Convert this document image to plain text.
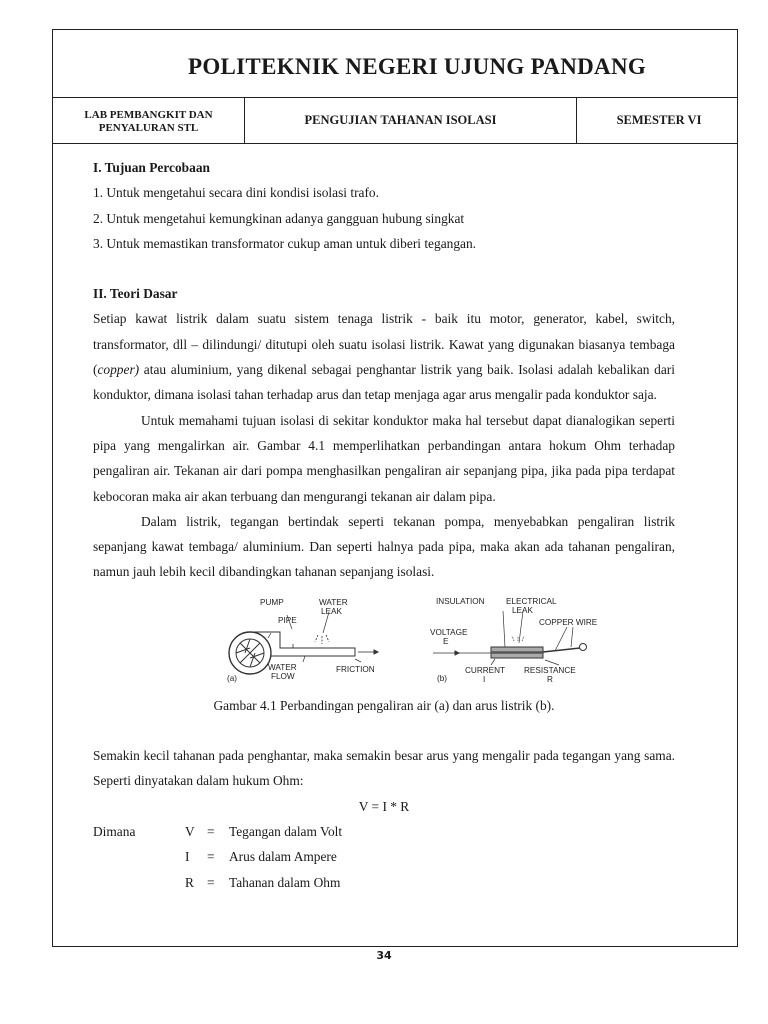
POLITEKNIK NEGERI UJUNG PANDANG
LAB PEMBANGKIT DAN
PENYALURAN STL
PENGUJIAN TAHANAN ISOLASI	SEMESTER VI

I. Tujuan Percobaan

1. Untuk mengetahui secara dini kondisi isolasi trafo.

2. Untuk mengetahui kemungkinan adanya gangguan hubung singkat

3. Untuk memastikan transformator cukup aman untuk diberi tegangan.

II. Teori Dasar

Setiap kawat listrik dalam suatu sistem tenaga listrik - baik itu motor, generator, kabel, switch, transformator, dll – dilindungi/ ditutupi oleh suatu isolasi listrik. Kawat yang digunakan biasanya tembaga (copper) atau aluminium, yang dikenal sebagai penghantar listrik yang baik. Isolasi adalah kebalikan dari konduktor, dimana isolasi tahan terhadap arus dan tetap menjaga agar arus mengalir pada konduktor saja.

Untuk memahami tujuan isolasi di sekitar konduktor maka hal tersebut dapat dianalogikan seperti pipa yang mengalirkan air. Gambar 4.1 memperlihatkan perbandingan antara hokum Ohm terhadap pengaliran air. Tekanan air dari pompa menghasilkan pengaliran air sepanjang pipa, jika pada pipa terdapat kebocoran maka air akan terbuang dan mengurangi tekanan air dalam pipa.

Dalam listrik, tegangan bertindak seperti tekanan pompa, menyebabkan pengaliran listrik sepanjang kawat tembaga/ aluminium. Dan seperti halnya pada pipa, maka akan ada tahanan pengaliran, namun jauh lebih kecil dibandingkan tahanan sepanjang isolasi.

PUMP	WATER
LEAK
PIPE
(a)
WATER
FLOW
FRICTION
INSULATION	ELECTRICAL
LEAK
COPPER WIRE
VOLTAGE
E
(b)
CURRENT
I
RESISTANCE
R

Gambar 4.1 Perbandingan pengaliran air (a) dan arus listrik (b).

Semakin kecil tahanan pada penghantar, maka semakin besar arus yang mengalir pada tegangan yang sama. Seperti dinyatakan dalam hukum Ohm:

V = I * R

Dimana	V =	Tegangan dalam Volt
I	=	Arus dalam Ampere
R =	Tahanan dalam Ohm
34
